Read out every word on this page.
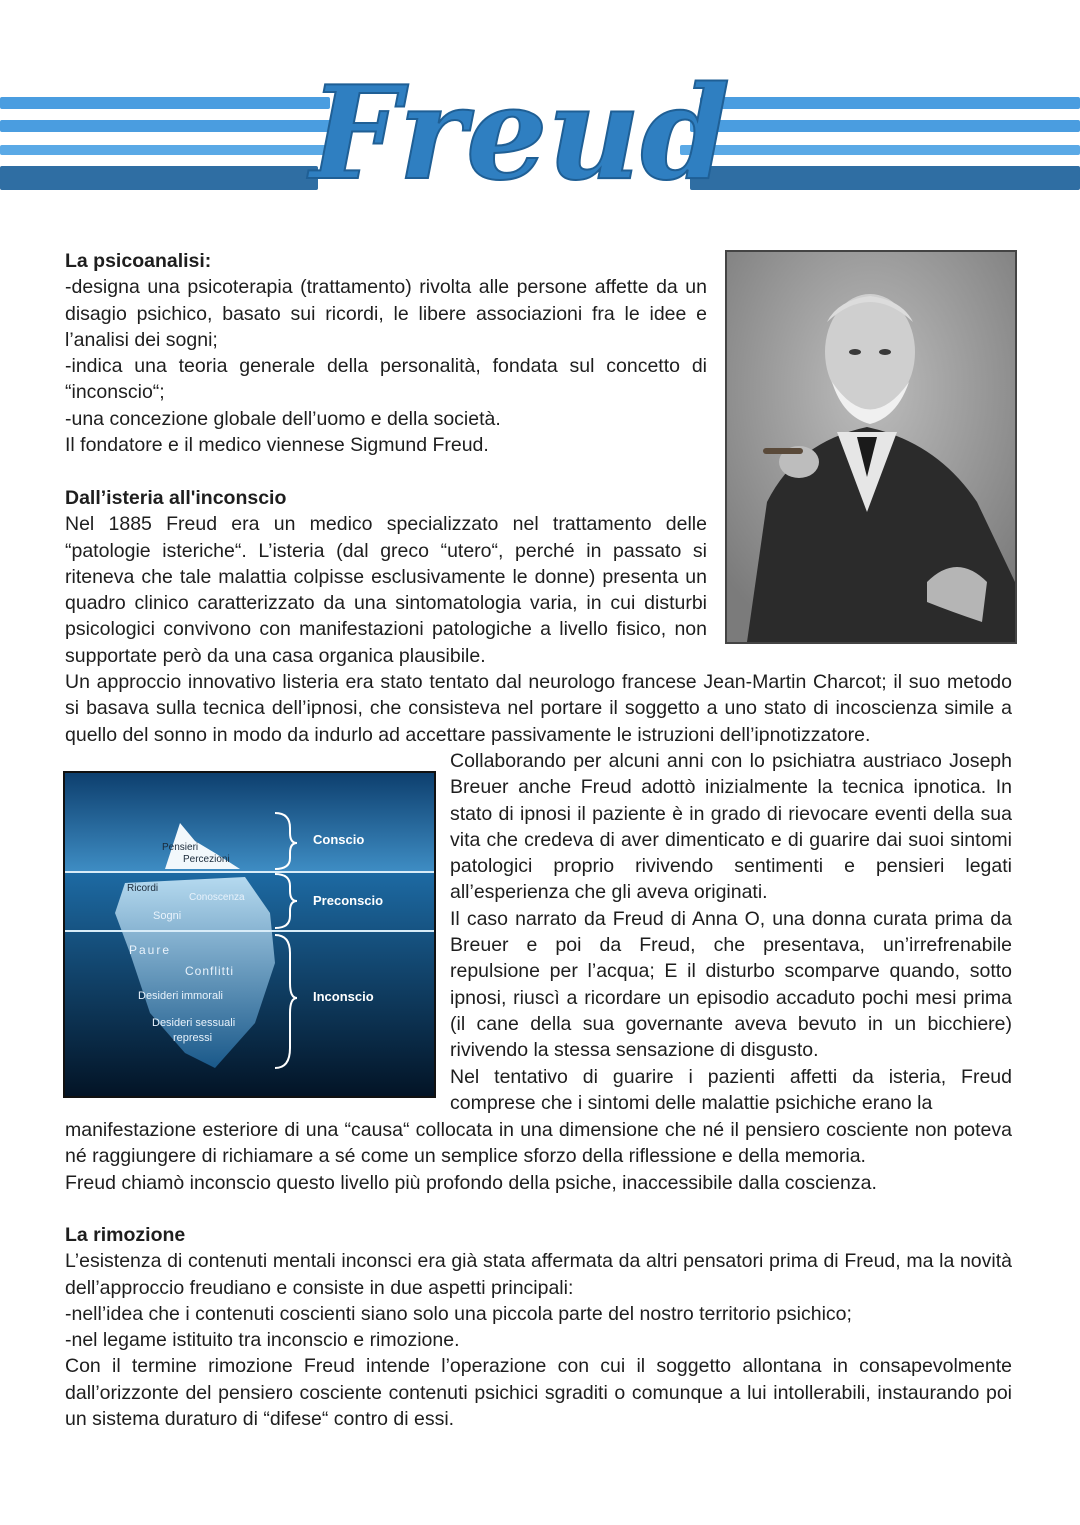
Freud

La psicoanalisi:

-designa una psicoterapia (trattamento) rivolta alle persone affette da un disagio psichico, basato sui ricordi, le libere associazioni fra le idee e l’analisi dei sogni;

-indica una teoria generale della personalità, fondata sul concetto di “inconscio“;

-una concezione globale dell’uomo e della società.

Il fondatore e il medico viennese Sigmund Freud.

Dall’isteria all'inconscio

Nel 1885 Freud era un medico specializzato nel trattamento delle “patologie isteriche“. L’isteria (dal greco “utero“, perché in passato si riteneva che tale malattia colpisse esclusivamente le donne) presenta un quadro clinico caratterizzato da una sintomatologia varia, in cui disturbi psicologici convivono con manifestazioni patologiche a livello fisico, non supportate però da una casa organica plausibile.

Un approccio innovativo listeria era stato tentato dal neurologo francese Jean-Martin Charcot; il suo metodo si basava sulla tecnica dell’ipnosi, che consisteva nel portare il soggetto a uno stato di incoscienza simile a quello del sonno in modo da indurlo ad accettare passivamente le istruzioni dell’ipnotizzatore.

Conscio
Preconscio
Inconscio
Pensieri
Percezioni
Ricordi
Conoscenza
Sogni
Paure
Conflitti
Desideri immorali
Desideri sessuali
repressi

Collaborando per alcuni anni con lo psichiatra austriaco Joseph Breuer anche Freud adottò inizialmente la tecnica ipnotica. In stato di ipnosi il paziente è in grado di rievocare eventi della sua vita che credeva di aver dimenticato e di guarire dai suoi sintomi patologici proprio rivivendo sentimenti e pensieri legati all’esperienza che gli aveva originati.

Il caso narrato da Freud di Anna O, una donna curata prima da Breuer e poi da Freud, che presentava, un’irrefrenabile repulsione per l’acqua; E il disturbo scomparve quando, sotto ipnosi, riuscì a ricordare un episodio accaduto pochi mesi prima (il cane della sua governante aveva bevuto in un bicchiere) rivivendo la stessa sensazione di disgusto.

Nel tentativo di guarire i pazienti affetti da isteria, Freud comprese che i sintomi delle malattie psichiche erano la

manifestazione esteriore di una “causa“ collocata in una dimensione che né il pensiero cosciente non poteva né raggiungere di richiamare a sé come un semplice sforzo della riflessione e della memoria.

Freud chiamò inconscio questo livello più profondo della psiche, inaccessibile dalla coscienza.

La rimozione

L’esistenza di contenuti mentali inconsci era già stata affermata da altri pensatori prima di Freud, ma la novità dell’approccio freudiano e consiste in due aspetti principali:

-nell’idea che i contenuti coscienti siano solo una piccola parte del nostro territorio psichico;

-nel legame istituito tra inconscio e rimozione.

Con il termine rimozione Freud intende l’operazione con cui il soggetto allontana in consapevolmente dall’orizzonte del pensiero cosciente contenuti psichici sgraditi o comunque a lui intollerabili, instaurando poi un sistema duraturo di “difese“ contro di essi.
